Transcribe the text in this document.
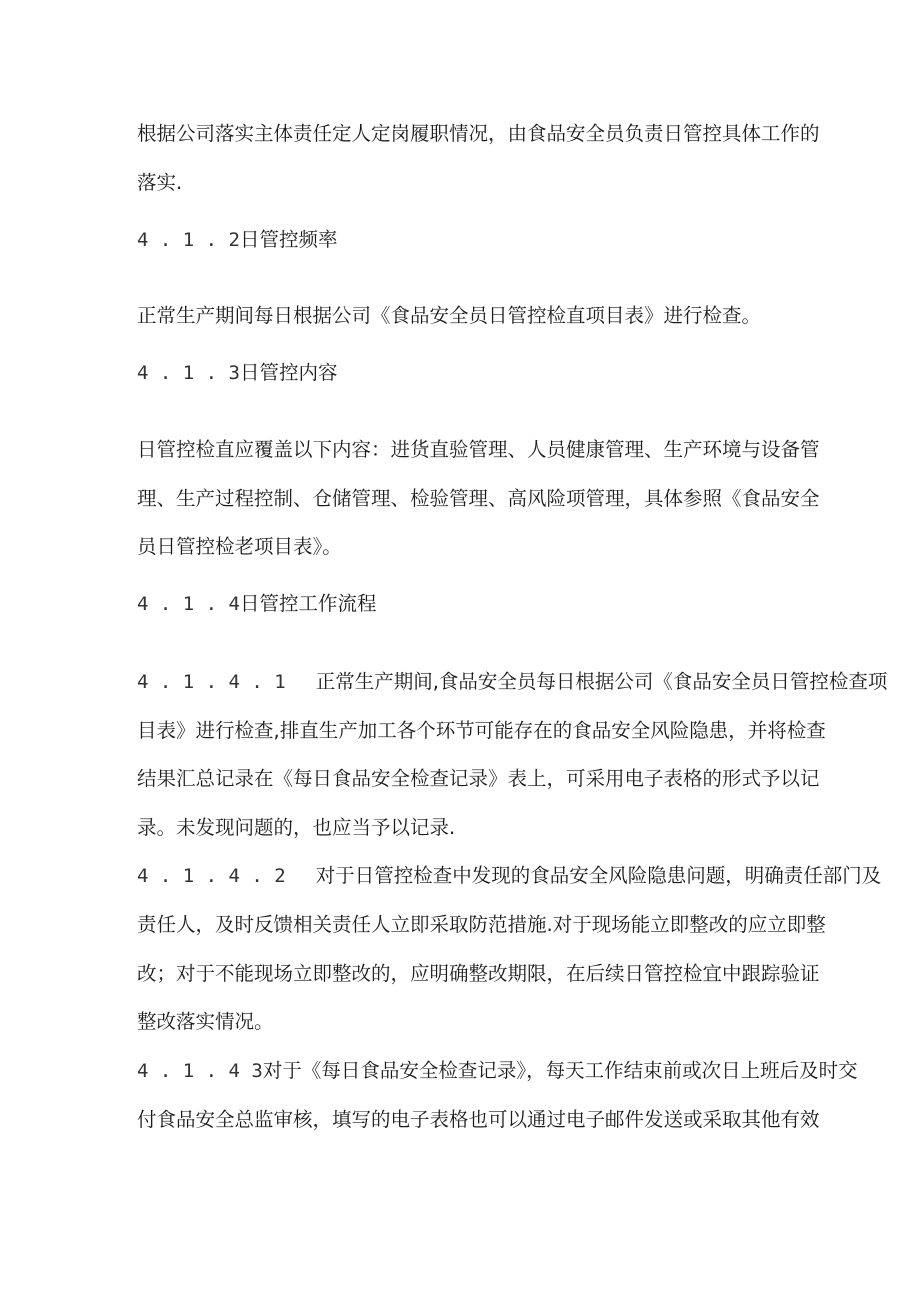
根据公司落实主体责任定人定岗履职情况，由食品安全员负责日管控具体工作的

落实.

4 . 1 . 2日管控频率

正常生产期间每日根据公司《食品安全员日管控检直项目表》进行检查。

4 . 1 . 3日管控内容

日管控检直应覆盖以下内容：进货直验管理、人员健康管理、生产环境与设备管

理、生产过程控制、仓储管理、检验管理、高风险项管理，具体参照《食品安全

员日管控检老项目表》。

4 . 1 . 4日管控工作流程

4 . 1 . 4 . 1 正常生产期间,食品安全员每日根据公司《食品安全员日管控检查项

目表》进行检查,排直生产加工各个环节可能存在的食品安全风险隐患，并将检查

结果汇总记录在《每日食品安全检查记录》表上，可采用电子表格的形式予以记

录。未发现问题的，也应当予以记录.

4 . 1 . 4 . 2 对于日管控检查中发现的食品安全风险隐患问题，明确责任部门及

责任人，及时反馈相关责任人立即采取防范措施.对于现场能立即整改的应立即整

改；对于不能现场立即整改的，应明确整改期限，在后续日管控检宜中跟踪验证

整改落实情况。

4 . 1 . 4 3对于《每日食品安全检查记录》，每天工作结束前或次日上班后及时交

付食品安全总监审核，填写的电子表格也可以通过电子邮件发送或采取其他有效
